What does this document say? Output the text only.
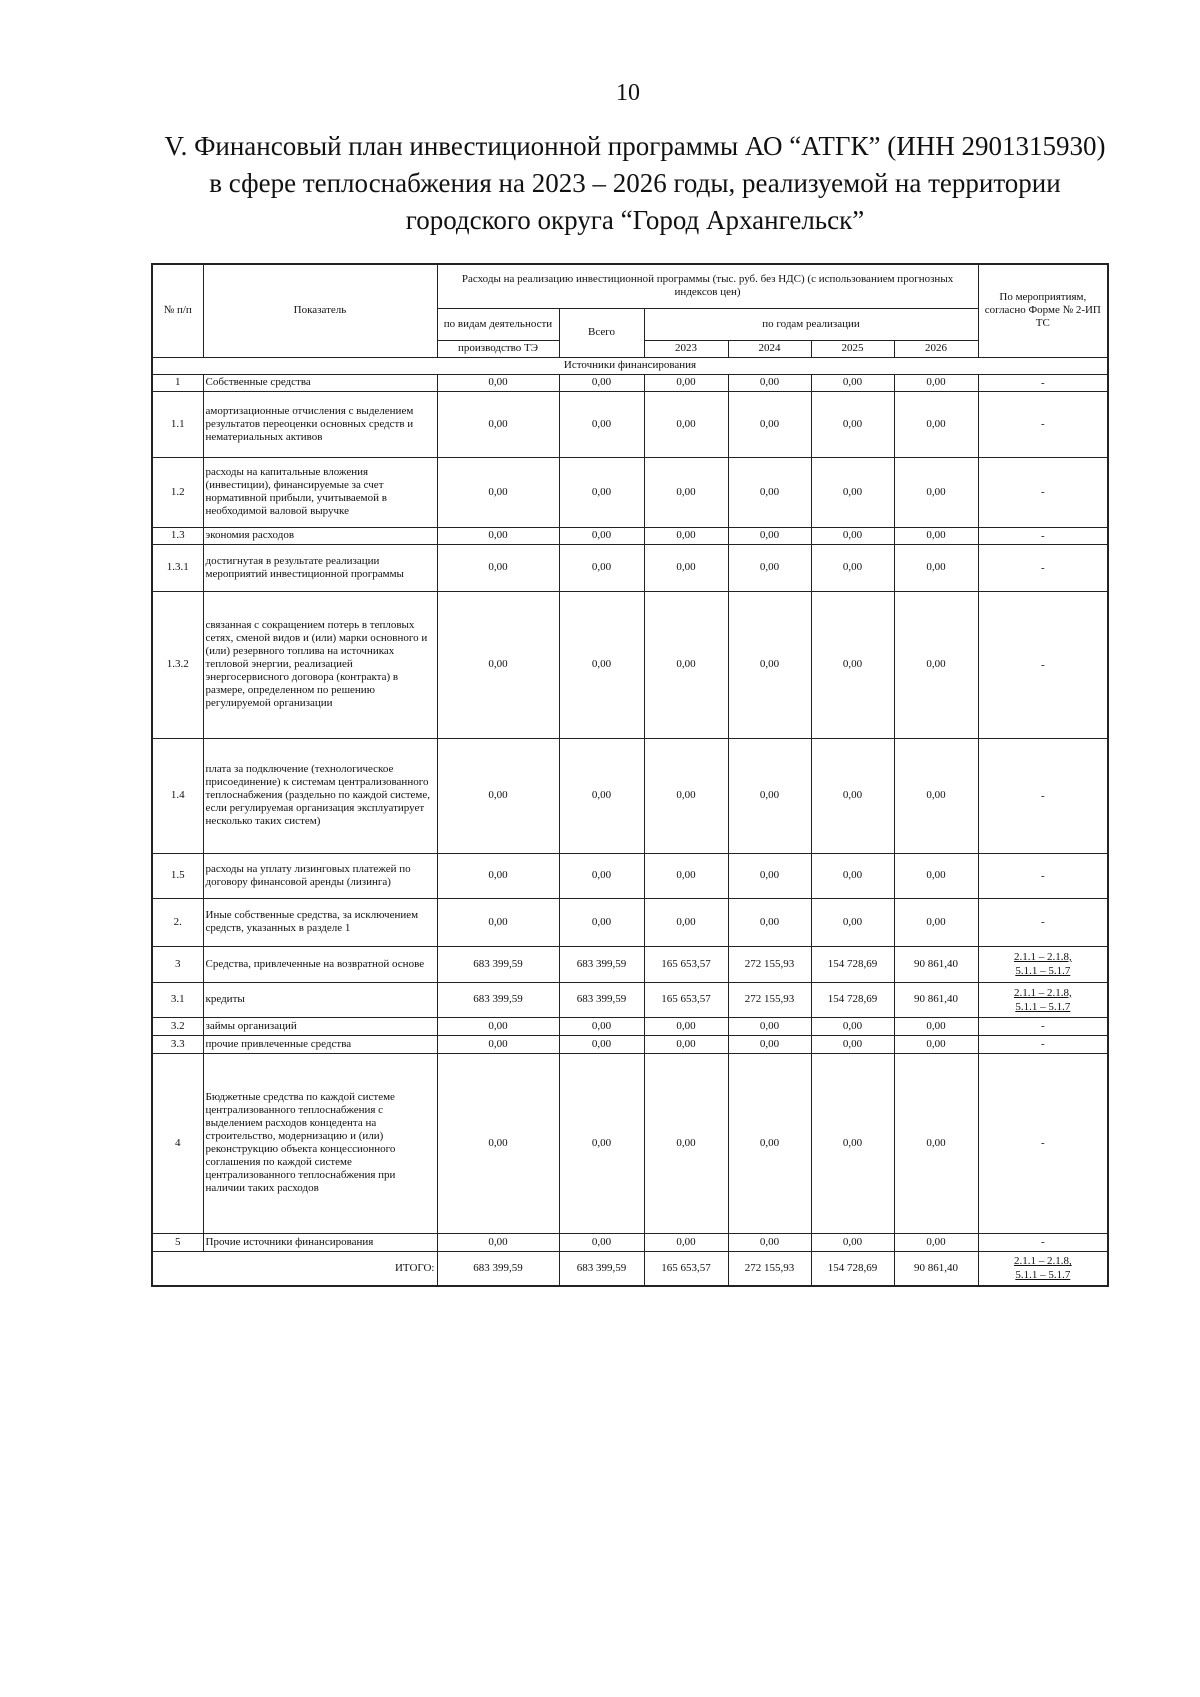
10
V. Финансовый план инвестиционной программы АО “АТГК” (ИНН 2901315930)
в сфере теплоснабжения на 2023 – 2026 годы, реализуемой на территории
городского округа “Город Архангельск”
№ п/п	Показатель	Расходы на реализацию инвестиционной программы (тыс. руб. без НДС) (с использованием прогнозных индексов цен)						По мероприятиям, согласно Форме № 2-ИП ТС
		по видам деятельности	Всего	по годам реализации				
		производство ТЭ		2023	2024	2025	2026	
Источники финансирования								
1	Собственные средства	0,00	0,00	0,00	0,00	0,00	0,00	-

1.1	амортизационные отчисления с выделением результатов переоценки основных средств и нематериальных активов	0,00	0,00	0,00	0,00	0,00	0,00	-

1.2	расходы на капитальные вложения (инвестиции), финансируемые за счет нормативной прибыли, учитываемой в необходимой валовой выручке	0,00	0,00	0,00	0,00	0,00	0,00	-

1.3	экономия расходов	0,00	0,00	0,00	0,00	0,00	0,00	-

1.3.1	достигнутая в результате реализации мероприятий инвестиционной программы	0,00	0,00	0,00	0,00	0,00	0,00	-

1.3.2	связанная с сокращением потерь в тепловых сетях, сменой видов и (или) марки основного и (или) резервного топлива на источниках тепловой энергии, реализацией энергосервисного договора (контракта) в размере, определенном по решению регулируемой организации	0,00	0,00	0,00	0,00	0,00	0,00	-

1.4	плата за подключение (технологическое присоединение) к системам централизованного теплоснабжения (раздельно по каждой системе, если регулируемая организация эксплуатирует несколько таких систем)	0,00	0,00	0,00	0,00	0,00	0,00	-

1.5	расходы на уплату лизинговых платежей по договору финансовой аренды (лизинга)	0,00	0,00	0,00	0,00	0,00	0,00	-

2.	Иные собственные средства, за исключением средств, указанных в разделе 1	0,00	0,00	0,00	0,00	0,00	0,00	-

3	Средства, привлеченные на возвратной основе	683 399,59	683 399,59	165 653,57	272 155,93	154 728,69	90 861,40	2.1.1 – 2.1.8,
5.1.1 – 5.1.7

3.1	кредиты	683 399,59	683 399,59	165 653,57	272 155,93	154 728,69	90 861,40	2.1.1 – 2.1.8,
5.1.1 – 5.1.7

3.2	займы организаций	0,00	0,00	0,00	0,00	0,00	0,00	-

3.3	прочие привлеченные средства	0,00	0,00	0,00	0,00	0,00	0,00	-

4	Бюджетные средства по каждой системе централизованного теплоснабжения с выделением расходов концедента на строительство, модернизацию и (или) реконструкцию объекта концессионного соглашения по каждой системе централизованного теплоснабжения при наличии таких расходов	0,00	0,00	0,00	0,00	0,00	0,00	-

5	Прочие источники финансирования	0,00	0,00	0,00	0,00	0,00	0,00	-

ИТОГО:		683 399,59	683 399,59	165 653,57	272 155,93	154 728,69	90 861,40	2.1.1 – 2.1.8,
5.1.1 – 5.1.7
